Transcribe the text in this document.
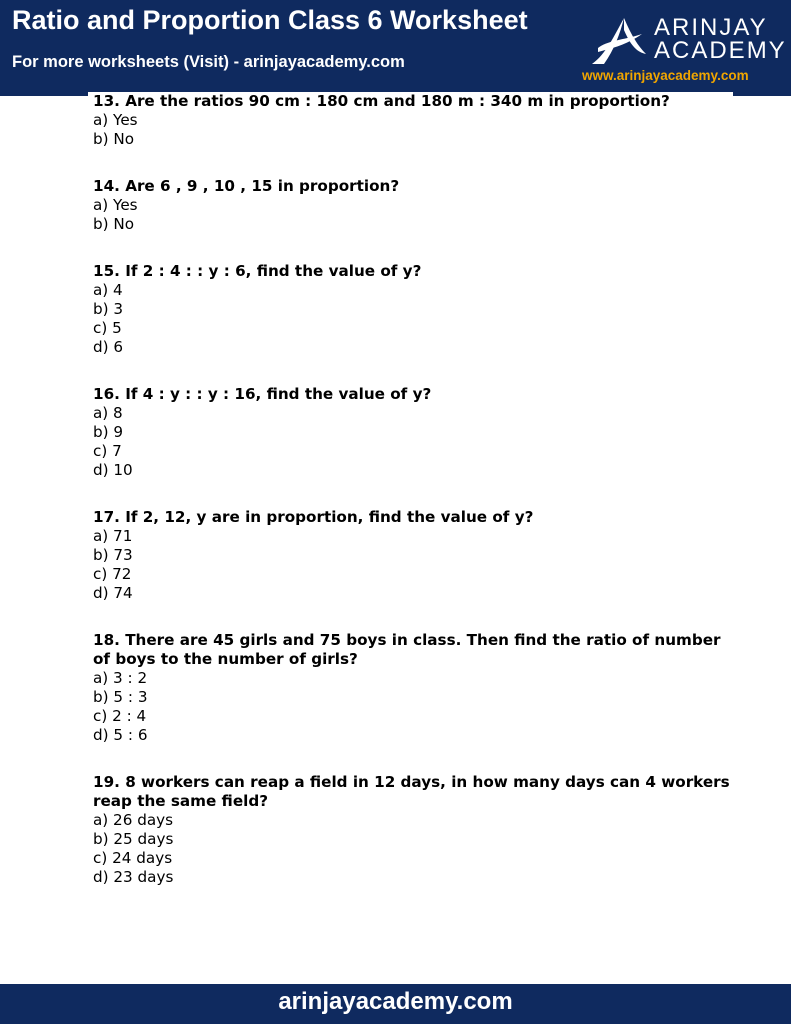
Ratio and Proportion Class 6 Worksheet
For more worksheets (Visit) - arinjayacademy.com
ARINJAY
ACADEMY
www.arinjayacademy.com

13. Are the ratios 90 cm : 180 cm and 180 m : 340 m in proportion?

a) Yes

b) No

14. Are 6 , 9 , 10 , 15 in proportion?

a) Yes

b) No

15. If 2 : 4 : : y : 6, find the value of y?

a) 4

b) 3

c) 5

d) 6

16. If 4 : y : : y : 16, find the value of y?

a) 8

b) 9

c) 7

d) 10

17. If 2, 12, y are in proportion, find the value of y?

a) 71

b) 73

c) 72

d) 74

18. There are 45 girls and 75 boys in class. Then find the ratio of number of boys to the number of girls?

a) 3 : 2

b) 5 : 3

c) 2 : 4

d) 5 : 6

19. 8 workers can reap a field in 12 days, in how many days can 4 workers reap the same field?

a) 26 days

b) 25 days

c) 24 days

d) 23 days

arinjayacademy.com
